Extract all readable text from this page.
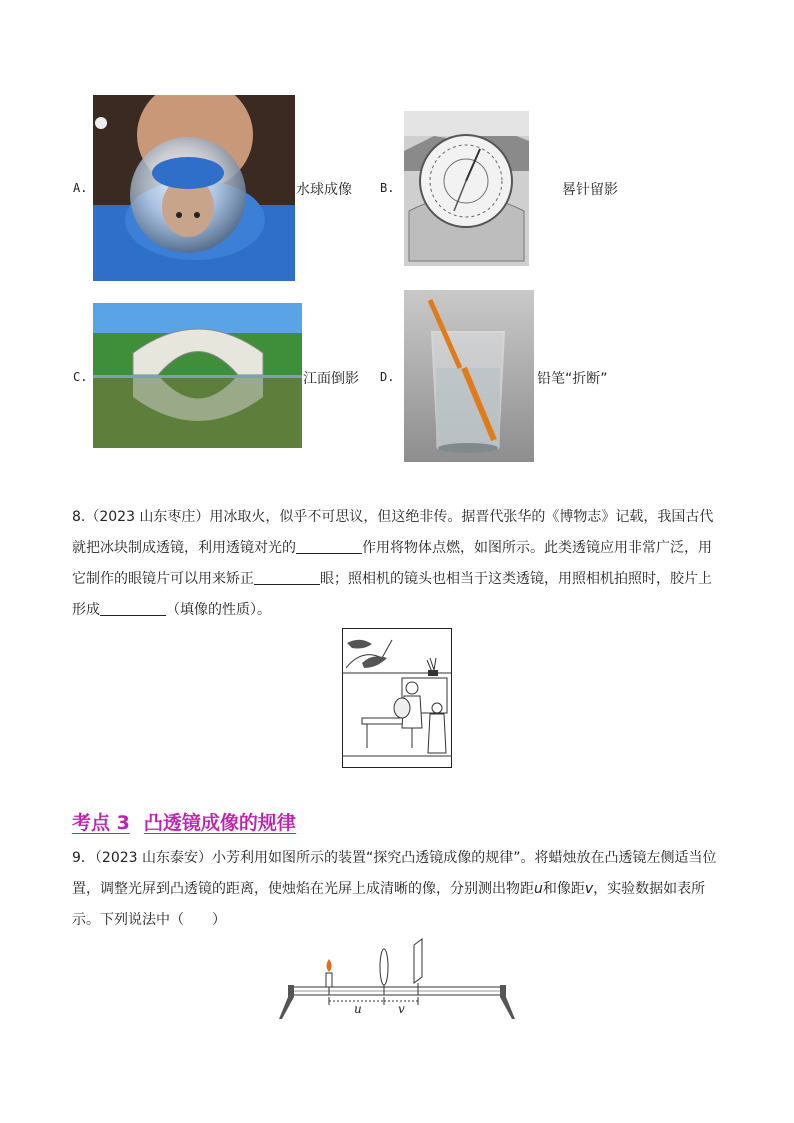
A.	水球成像 B.	晷针留影
C.	江面倒影 D.	铅笔“折断”
8.（2023 山东枣庄）用冰取火，似乎不可思议，但这绝非传。据晋代张华的《博物志》记载，我国古代就把冰块制成透镜，利用透镜对光的	作用将物体点燃，如图所示。此类透镜应用非常广泛，用它制作的眼镜片可以用来矫正	眼；照相机的镜头也相当于这类透镜，用照相机拍照时，胶片上形成	（填像的性质）。
考点 3 凸透镜成像的规律
9．（2023 山东泰安）小芳利用如图所示的装置“探究凸透镜成像的规律”。将蜡烛放在凸透镜左侧适当位置，调整光屏到凸透镜的距离，使烛焰在光屏上成清晰的像，分别测出物距u和像距v，实验数据如表所示。下列说法中（　　）
u	v
